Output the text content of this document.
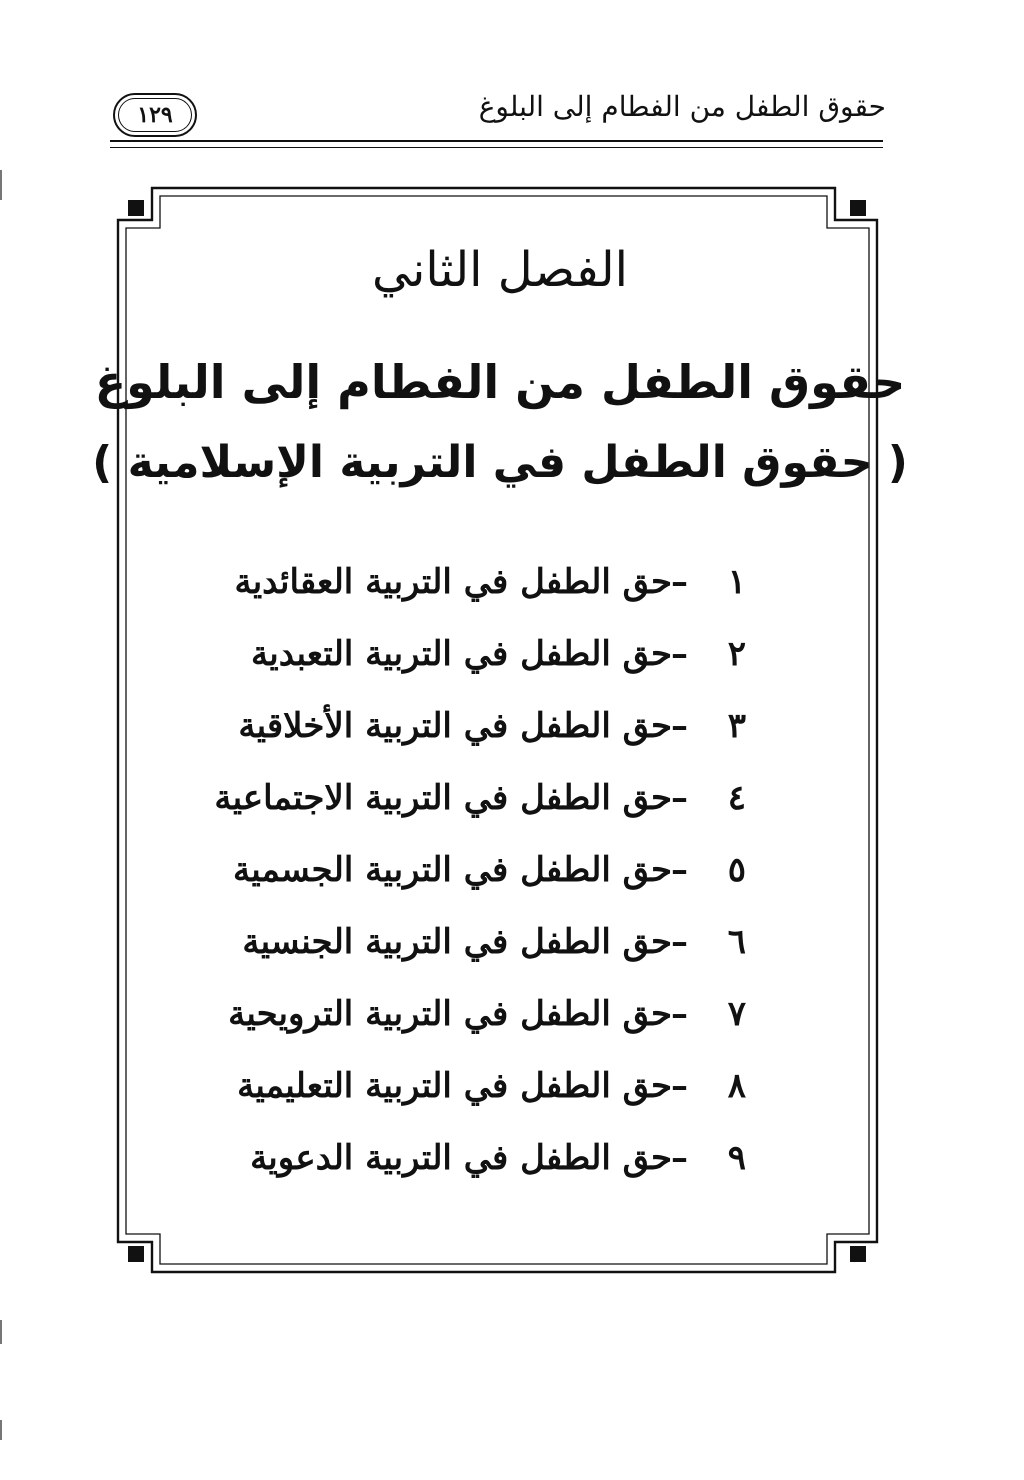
حقوق الطفل من الفطام إلى البلوغ
١٢٩
الفصل الثاني
حقوق الطفل من الفطام إلى البلوغ
( حقوق الطفل في التربية الإسلامية )
١–حق الطفل في التربية العقائدية
٢–حق الطفل في التربية التعبدية
٣–حق الطفل في التربية الأخلاقية
٤–حق الطفل في التربية الاجتماعية
٥–حق الطفل في التربية الجسمية
٦–حق الطفل في التربية الجنسية
٧–حق الطفل في التربية الترويحية
٨–حق الطفل في التربية التعليمية
٩–حق الطفل في التربية الدعوية
